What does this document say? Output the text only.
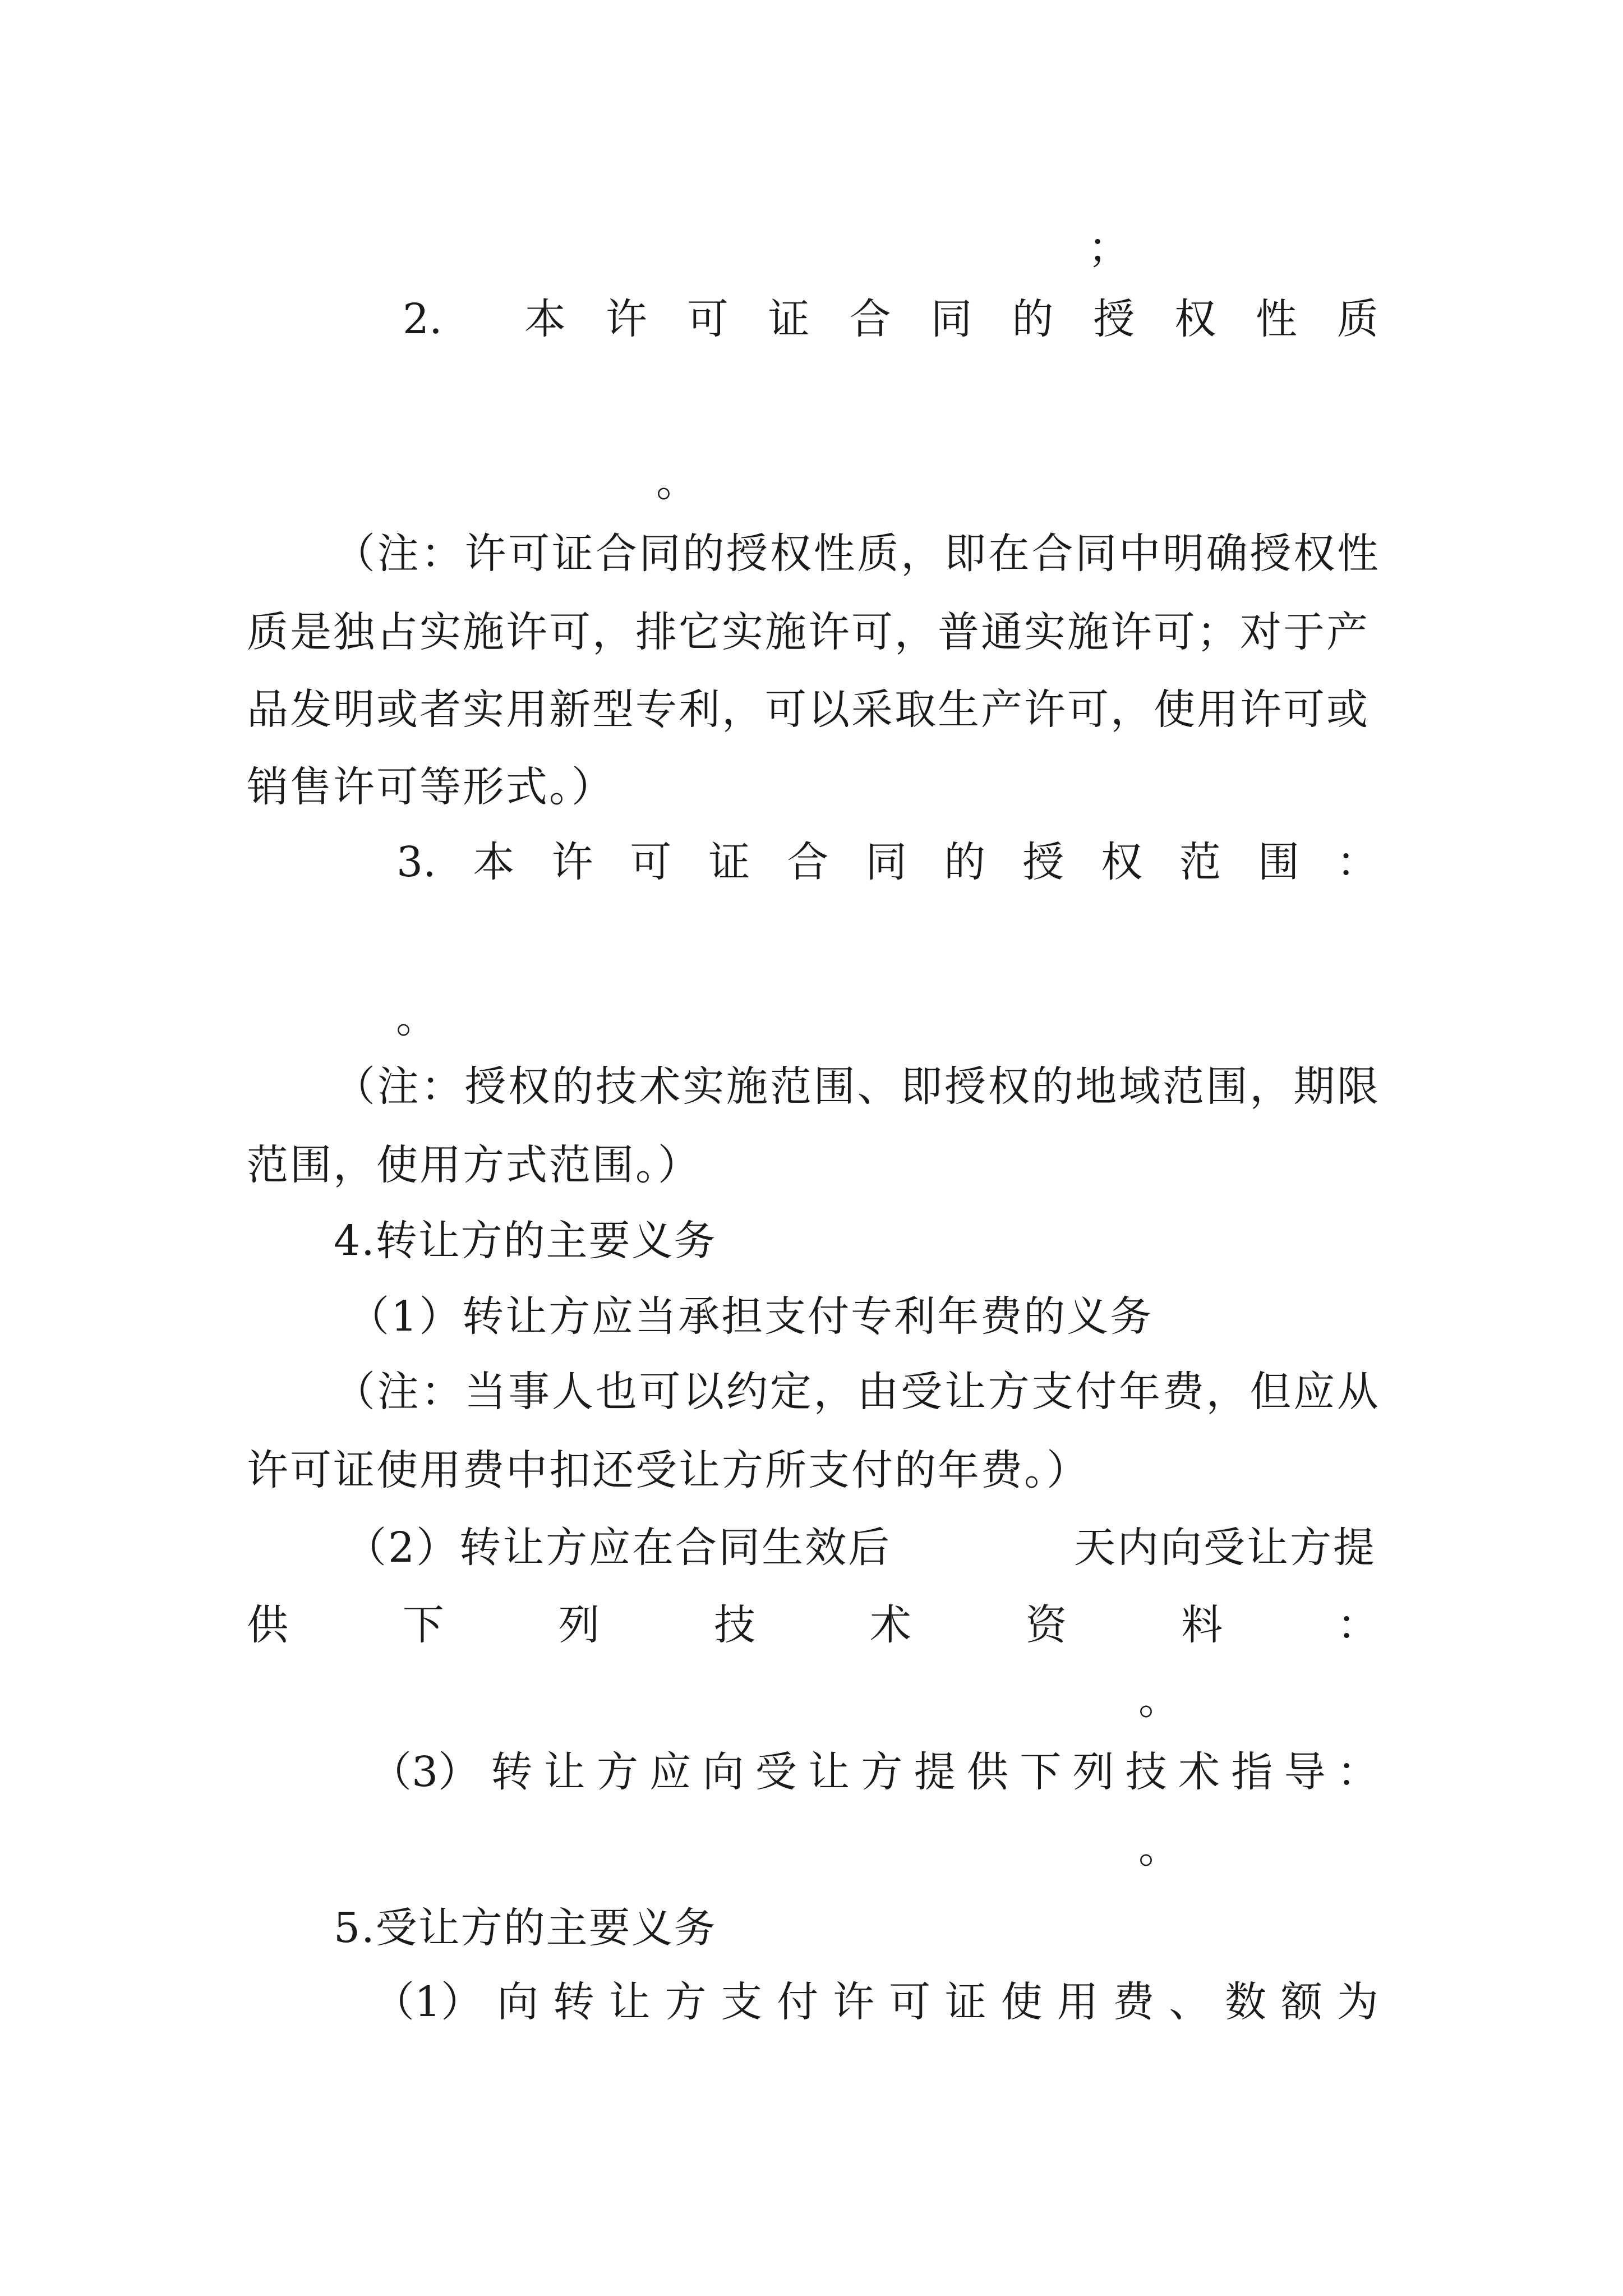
；
2. 本 许 可 证 合 同 的 授 权 性 质
。
（注：许可证合同的授权性质，即在合同中明确授权性
质是独占实施许可，排它实施许可，普通实施许可；对于产
品发明或者实用新型专利，可以采取生产许可，使用许可或
销售许可等形式。）
3. 本 许 可 证 合 同 的 授 权 范 围 ：
。
（注：授权的技术实施范围、即授权的地域范围，期限
范围，使用方式范围。）
4.转让方的主要义务
（1）转让方应当承担支付专利年费的义务
（注：当事人也可以约定，由受让方支付年费，但应从
许可证使用费中扣还受让方所支付的年费。）
（2）转让方应在合同生效后	天内向受让方提
供	下	列	技	术	资	料	：
。
（3） 转 让 方 应 向 受 让 方 提 供 下 列 技 术 指 导 ：
。
5.受让方的主要义务
（1） 向 转 让 方 支 付 许 可 证 使 用 费 、 数 额 为
